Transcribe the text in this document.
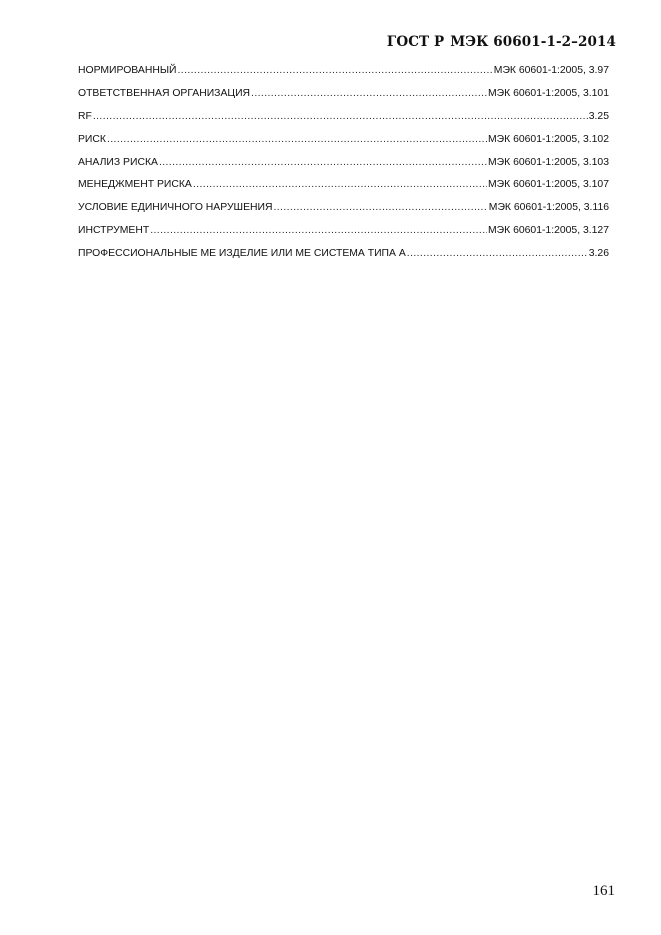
ГОСТ Р МЭК 60601-1-2–2014
НОРМИРОВАННЫЙ .....	МЭК 60601-1:2005, 3.97
ОТВЕТСТВЕННАЯ ОРГАНИЗАЦИЯ .....	МЭК 60601-1:2005, 3.101
RF .....	3.25
РИСК .....	МЭК 60601-1:2005, 3.102
АНАЛИЗ РИСКА .....	МЭК 60601-1:2005, 3.103
МЕНЕДЖМЕНТ РИСКА .....	МЭК 60601-1:2005, 3.107
УСЛОВИЕ ЕДИНИЧНОГО НАРУШЕНИЯ .....	МЭК 60601-1:2005, 3.116
ИНСТРУМЕНТ .....	МЭК 60601-1:2005, 3.127
ПРОФЕССИОНАЛЬНЫЕ МЕ ИЗДЕЛИЕ ИЛИ МЕ СИСТЕМА ТИПА А .....	3.26
161
